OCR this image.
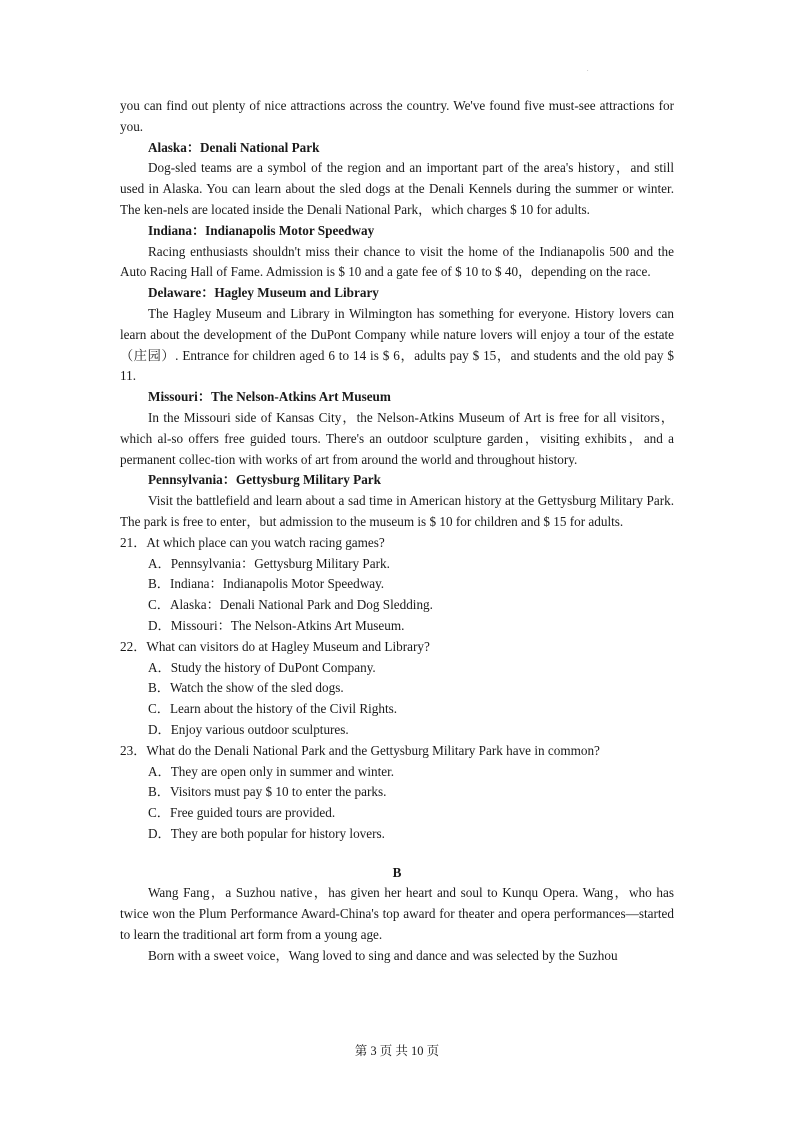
.

you can find out plenty of nice attractions across the country. We've found five must-see attractions for you.

Alaska：Denali National Park

Dog-sled teams are a symbol of the region and an important part of the area's history，and still used in Alaska. You can learn about the sled dogs at the Denali Kennels during the summer or winter. The ken-nels are located inside the Denali National Park，which charges $ 10 for adults.

Indiana：Indianapolis Motor Speedway

Racing enthusiasts shouldn't miss their chance to visit the home of the Indianapolis 500 and the Auto Racing Hall of Fame. Admission is $ 10 and a gate fee of $ 10 to $ 40，depending on the race.

Delaware：Hagley Museum and Library

The Hagley Museum and Library in Wilmington has something for everyone. History lovers can learn about the development of the DuPont Company while nature lovers will enjoy a tour of the estate（庄园）. Entrance for children aged 6 to 14 is $ 6，adults pay $ 15，and students and the old pay $ 11.

Missouri：The Nelson-Atkins Art Museum

In the Missouri side of Kansas City，the Nelson-Atkins Museum of Art is free for all visitors，which al-so offers free guided tours. There's an outdoor sculpture garden，visiting exhibits，and a permanent collec-tion with works of art from around the world and throughout history.

Pennsylvania：Gettysburg Military Park

Visit the battlefield and learn about a sad time in American history at the Gettysburg Military Park. The park is free to enter，but admission to the museum is $ 10 for children and $ 15 for adults.

21．At which place can you watch racing games?

A．Pennsylvania：Gettysburg Military Park.

B．Indiana：Indianapolis Motor Speedway.

C．Alaska：Denali National Park and Dog Sledding.

D．Missouri：The Nelson-Atkins Art Museum.

22．What can visitors do at Hagley Museum and Library?

A．Study the history of DuPont Company.

B．Watch the show of the sled dogs.

C．Learn about the history of the Civil Rights.

D．Enjoy various outdoor sculptures.

23．What do the Denali National Park and the Gettysburg Military Park have in common?

A．They are open only in summer and winter.

B．Visitors must pay $ 10 to enter the parks.

C．Free guided tours are provided.

D．They are both popular for history lovers.

B

Wang Fang，a Suzhou native，has given her heart and soul to Kunqu Opera. Wang，who has twice won the Plum Performance Award-China's top award for theater and opera performances—started to learn the traditional art form from a young age.

Born with a sweet voice，Wang loved to sing and dance and was selected by the Suzhou

第 3 页 共 10 页
